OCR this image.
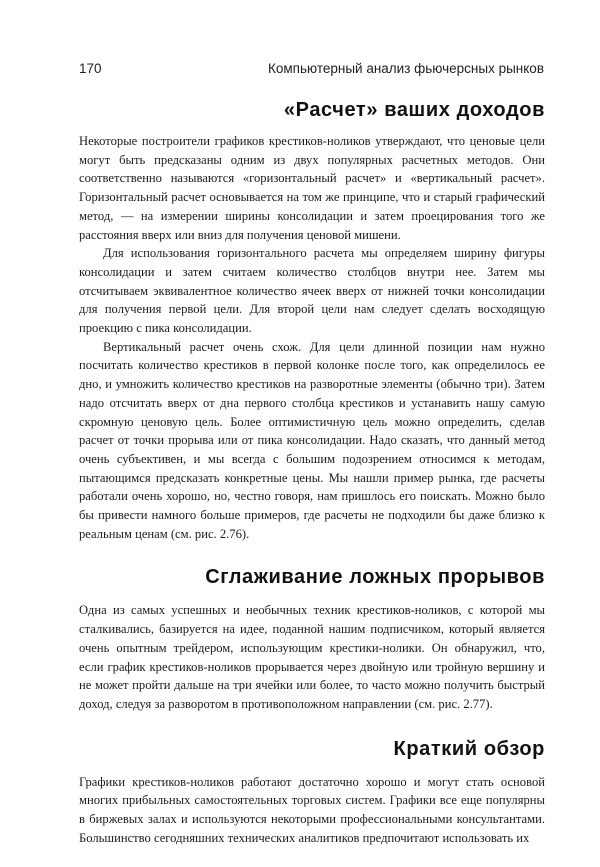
170	Компьютерный анализ фьючерсных рынков
«Расчет» ваших доходов

Некоторые построители графиков крестиков-ноликов утверждают, что ценовые цели могут быть предсказаны одним из двух популярных расчетных методов. Они соответственно называются «горизонтальный расчет» и «вертикальный расчет». Горизонтальный расчет основывается на том же принципе, что и старый графический метод, — на измерении ширины консолидации и затем проецирования того же расстояния вверх или вниз для получения ценовой мишени.

Для использования горизонтального расчета мы определяем ширину фигуры консолидации и затем считаем количество столбцов внутри нее. Затем мы отсчитываем эквивалентное количество ячеек вверх от нижней точки консолидации для получения первой цели. Для второй цели нам следует сделать восходящую проекцию с пика консолидации.

Вертикальный расчет очень схож. Для цели длинной позиции нам нужно посчитать количество крестиков в первой колонке после того, как определилось ее дно, и умножить количество крестиков на разворотные элементы (обычно три). Затем надо отсчитать вверх от дна первого столбца крестиков и устанавить нашу самую скромную ценовую цель. Более оптимистичную цель можно определить, сделав расчет от точки прорыва или от пика консолидации. Надо сказать, что данный метод очень субъективен, и мы всегда с большим подозрением относимся к методам, пытающимся предсказать конкретные цены. Мы нашли пример рынка, где расчеты работали очень хорошо, но, честно говоря, нам пришлось его поискать. Можно было бы привести намного больше примеров, где расчеты не подходили бы даже близко к реальным ценам (см. рис. 2.76).

Сглаживание ложных прорывов

Одна из самых успешных и необычных техник крестиков-ноликов, с которой мы сталкивались, базируется на идее, поданной нашим подписчиком, который является очень опытным трейдером, использующим крестики-нолики. Он обнаружил, что, если график крестиков-ноликов прорывается через двойную или тройную вершину и не может пройти дальше на три ячейки или более, то часто можно получить быстрый доход, следуя за разворотом в противоположном направлении (см. рис. 2.77).

Краткий обзор

Графики крестиков-ноликов работают достаточно хорошо и могут стать основой многих прибыльных самостоятельных торговых систем. Графики все еще популярны в биржевых залах и используются некоторыми профессиональными консультантами. Большинство сегодняшних технических аналитиков предпочитают использовать их
